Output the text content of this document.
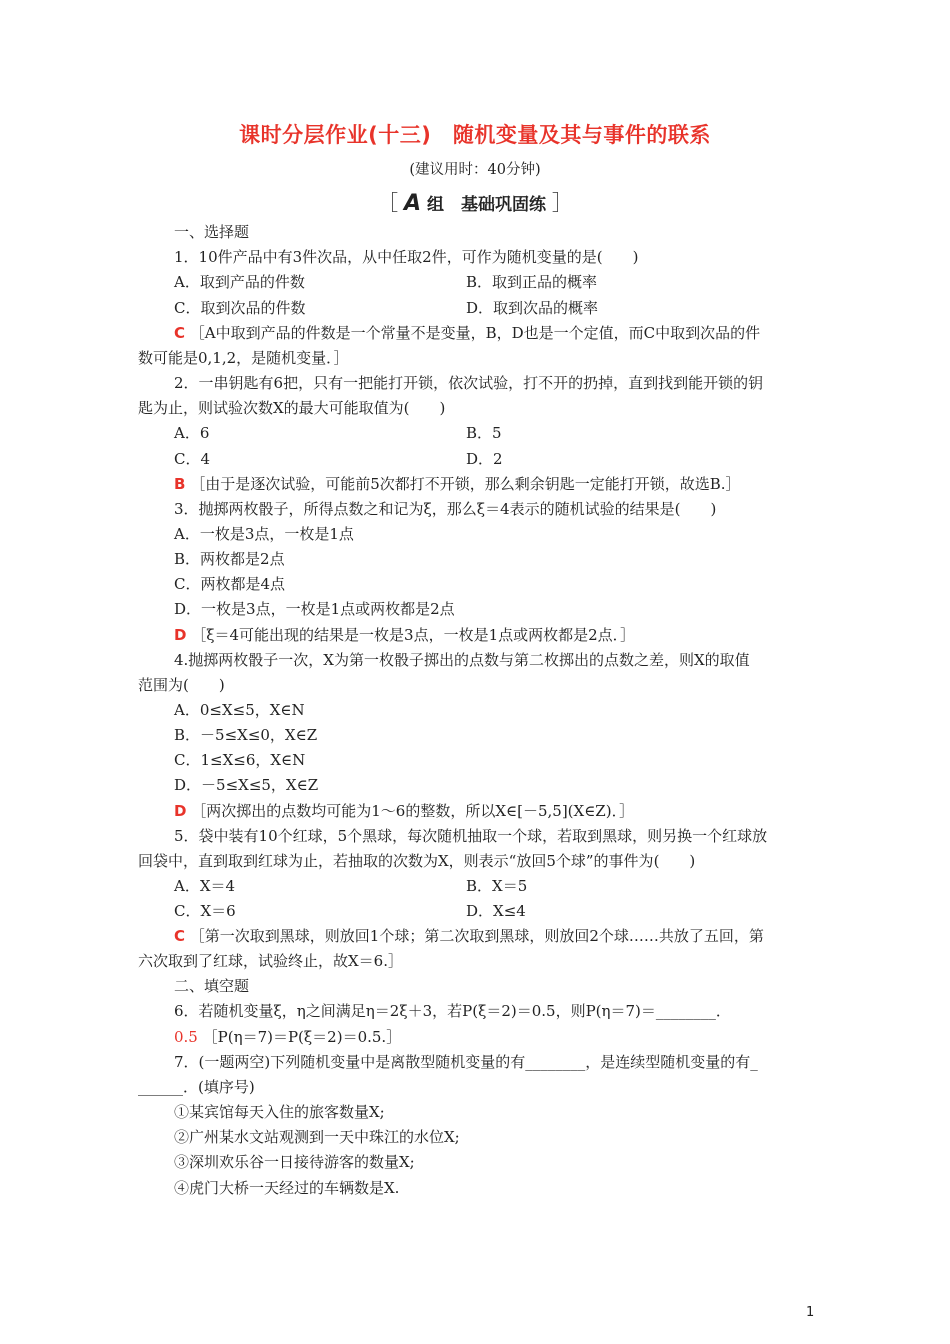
课时分层作业(十三)　随机变量及其与事件的联系
(建议用时：40分钟)
［ A 组　基础巩固练 ］
一、选择题
1．10件产品中有3件次品，从中任取2件，可作为随机变量的是(　　)
A．取到产品的件数	B．取到正品的概率
C．取到次品的件数	D．取到次品的概率
C ［A中取到产品的件数是一个常量不是变量，B，D也是一个定值，而C中取到次品的件
数可能是0,1,2，是随机变量．］
2．一串钥匙有6把，只有一把能打开锁，依次试验，打不开的扔掉，直到找到能开锁的钥
匙为止，则试验次数X的最大可能取值为(　　)
A．6	B．5
C．4	D．2
B ［由于是逐次试验，可能前5次都打不开锁，那么剩余钥匙一定能打开锁，故选B.］
3．抛掷两枚骰子，所得点数之和记为ξ，那么ξ＝4表示的随机试验的结果是(　　)
A．一枚是3点，一枚是1点
B．两枚都是2点
C．两枚都是4点
D．一枚是3点，一枚是1点或两枚都是2点
D ［ξ＝4可能出现的结果是一枚是3点，一枚是1点或两枚都是2点．］
4.抛掷两枚骰子一次，X为第一枚骰子掷出的点数与第二枚掷出的点数之差，则X的取值
范围为(　　)
A．0≤X≤5，X∈N
B．－5≤X≤0，X∈Z
C．1≤X≤6，X∈N
D．－5≤X≤5，X∈Z
D ［两次掷出的点数均可能为1～6的整数，所以X∈[－5,5](X∈Z)．］
5．袋中装有10个红球，5个黑球，每次随机抽取一个球，若取到黑球，则另换一个红球放
回袋中，直到取到红球为止，若抽取的次数为X，则表示“放回5个球”的事件为(　　)
A．X＝4	B．X＝5
C．X＝6	D．X≤4
C ［第一次取到黑球，则放回1个球；第二次取到黑球，则放回2个球……共放了五回，第
六次取到了红球，试验终止，故X＝6.］
二、填空题
6．若随机变量ξ，η之间满足η＝2ξ＋3，若P(ξ＝2)＝0.5，则P(η＝7)＝________．
0.5 ［P(η＝7)＝P(ξ＝2)＝0.5.］
7．(一题两空)下列随机变量中是离散型随机变量的有________，是连续型随机变量的有_
______．(填序号)
①某宾馆每天入住的旅客数量X;
②广州某水文站观测到一天中珠江的水位X;
③深圳欢乐谷一日接待游客的数量X;
④虎门大桥一天经过的车辆数是X.
1
